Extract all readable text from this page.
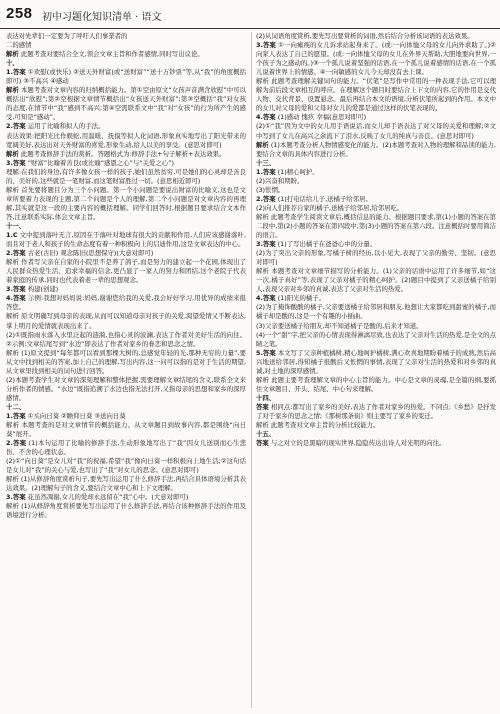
258 初中习题化知识清单 · 语文

表达对先辈们一定要为了呼吁人们事業者的

二的感情

解析 此题考查对要结合全文,领会文章主旨和作者感情,同时写出议论。

十、

1.答案 ①欢慰(或快乐) ②送天外财富(或“送财富”“送十万钞票”等,从“我”的角度概括即可) ③不高兴 ④感动

解析 本题考查对文章内容的归纳概括能力。第①空由原文“女孩声音满含欣慰”中可以概括出“欣慰”;第②空根据文章情节概括出“女孩送天外财富”;第③空概括“我”对女孩的态度,在情节中“我”感到不高兴;第④空需联系文中“我”对“女孩”的行为所产生的感受,可知是“感动”。

2.答案 运用了比喻和拟人的手法。

表达效果:把阳光比作蜈蚣,用温暖、抚摸等拟人化词语,形象真实地写出了阳光带来的宽阔美好,表达出对天外财富的喜爱,形象生动,给人以美的享受。(意思对即可)

解析 此题考查修辞手法的赏析。答题格式为:修辞手法+句子解析+表达效果。

3.答案 “财富”比喻着善良(或比喻“感恩之心”与“关爱之心”)

理解:在我们的身边,有许多像女孩一样的孩子,她们虽然贫穷,可是她们的心灵却是善良的、美好的,这些就是一笔财富,而这笔财富胜过一切。(意思相近即可)

解析 首先要将题目分为三个小问题。第一个小问题是要说出财富的比喻义,这也是文章所要着力表现的主题,第二个问题是个人的理解,第二个小问题是对文章内容的再理解,其实就是这一段的主要内容的概括理解。同学们回答时,根据题目要求结合文本作答,注意联系实际,体会文章主旨。

十一、

1.C 文中提到落叶无言,原因在于落叶对地球有很大的贡献和作用,人们应该感谢落叶,而且对于老人和孩子的生命态度有着一种积极向上的启迪作用,这是文章表达的中心。

2.答案 古老(古旧) 观念陈旧(思想保守)(大意对即可)

解析 作者写父亲在自家的小院里不是养了鸽子,而是努力的建立起一个花园,体现出了人民群众热爱生活、追求幸福的信念,更凸显了一家人的努力和团结,这个老院子代表着家庭的传承,同时也代表着老一辈的思想观念。

3.答案 构建(创建)

4.答案 示例:我想对妈妈说:妈妈,谢谢您给我的关爱,我会好好学习,用优异的成绩来报答您。

解析 原文明确写到母亲的表现,从而可以知道母亲对孩子的关爱,渴望爱情又不断表达,掌上明月的爱情就表现出来了。

(2)①既指雨水落入水里泛起的涟漪,也指心灵的波澜,表达了作者对美好生活的向往。②示例:文章结尾写到“水边”即表达了作者对家乡的眷恋和思念之情。

解析 (1)原文提到“每年都可以看到那棵大树的,总感觉年轻的光,那种无穷的力量”,要从文中找到相关的答案,加上自己的理解,写出内容,这一问可以指的是对于生活的期望,从文章里找到相关的词句进行回答。

(2)本题考查学生对文章的深刻理解和整体把握,需要理解文章结尾的含义,联系全文来分析作者的情感。“水边”既指追溯了水边也指无法打开,又指母亲的思想和家乡的深厚感情。

十二、

1.答案 ①买向日葵 ②瞻仰日葵 ③送向日葵

解析 本题考查的是对文章情节的概括能力。从文章题目到故事内容,都是围绕“向日葵”展开。

2.答案 (1)本句运用了比喻的修辞手法,生动形象地写出了“我”因女儿送别而心生悲伤、不舍的心理状态。

(2)①“向日葵”是女儿对“我”的祝福,希望“我”像向日葵一样积极向上地生活;②这句话是女儿对“我”的关心与爱,也写出了“我”对女儿的思念。(意思对即可)

解析 (1)从修辞角度赏析句子,要先写出运用了什么修辞手法,再结合具体语境分析其表达效果。(2)理解句子的含义,要结合文章中心和上下文理解。

3.答案 花虽然凋谢,女儿的爱却永远留在“我”心中。(大意对即可)

解析 (1)从修辞角度赏析要先写出运用了什么修辞手法,再结合该种修辞手法的作用及语境进行分析。

(2)从词语角度赏析,要先写出要赏析的词语,然后结合分析该词语的表达效果。

3.答案 ①一向瘫痪的女儿诉求站起身来了。(或:一向体恤父母的女儿向外求助了。)②向家人表达了自己的愿望。(或:一向体恤父母的女儿在外界天帮助,大胆地要向世界,一个孩子为之感动的。)③一个孤儿说着坚强的话语,在一个孤儿说着感情的话语,在一个孤儿说着世界上的情感。④一向敏感的女儿今天却没有去上课。

解析 此题考查理解关键词句的能力。“伏笔”是写作中常用的一种表现手法,它可以理解为前后段文章相互的呼应。在理解这个题目时要结合上下文的内容,它的作用是交代人物、交代背景、设置悬念。最后再结合本文的语境,分析伏笔所起到的作用。本文中的女儿对父母的爱和父母对女儿的爱都是通过这样的伏笔表现的。

4.答案 (1)感动 愧疚 幸福(意思对即可)

(2)①“我”因为文中的女儿用手语说话,而女儿却手语表达了对父母的关爱和理解;②文中写到了女儿在高兴之余流下了泪水,反映了女儿的纯真与善良。(意思对即可)

解析 (1)本题考查分析人物情感变化的能力。(2)本题考查对人物的理解和品读的能力,要结合文章的具体内容进行分析。

十三、

1.答案 (1)精心呵护。

(2)兴奋和期盼。

(3)怅惘。

2.答案 (1)打电话给儿子,送橘子给邻居。

(2)向人们推荐自家的橘子,送橘子给邻居,给邻居吃。

解析 此题考查学生阅读文章后,概括信息的能力。根据题目要求,第(1)小题的答案在第二段中,第(2)小题的答案在第四段中,第(3)小题的答案在第六段。注意概括时要用简洁的语言。

3.答案 (1)了写出橘子在爸爸心中的分量。

(2)为了突出父亲的形象,写橘子树的经历,以小见大,表现了父亲的勤劳、坚韧。(意思对即可)

解析 本题考查对文章细节描写的分析能力。(1)父亲的话语中运用了许多细节,如“这一次,橘子真好”等,表现了父亲对橘子的精心呵护。(2)题目中提到了父亲送橘子给别人,表现父亲对乡邻的真诚,表达了父亲对生活的热爱。

4.答案 (1)阳光的橘子。

(2)为了掩饰酸酸的橘子,父亲要送橘子给邻居和朋友,他想让大家都吃到甜蜜的橘子,而橘子却是酸的,这是一个有趣的小插曲。

(3)父亲要送橘子给朋友,却不知道橘子是酸的,后来才知道。

(4)一个“甜”字,把父亲的心情表现得淋漓尽致,也表达了父亲对生活的热爱,是全文的点睛之笔。

5.答案 本文写了父亲种植橘树,精心地呵护橘树,满心欢喜地期盼着橘子的成熟,然后高兴地送给邻居,得知橘子很酸后又怅惘的事情,表现了父亲对生活的热爱和对乡邻的真诚,对土地的深厚感情。

解析 此题主要考查理解文章的中心主旨的能力。中心是文章的灵魂,是全篇的纲,要抓住文章题目、开头、结尾、中心句来理解。

十四、

答案 相同点:都写出了家乡的美好,表达了作者对家乡的热爱。不同点:《乡愁》是抒发了对于家乡的思念之情;《那树那条街》则主要写了家乡的变迁。

解析 此题考查对文章主旨的分析比较能力。

十五、

答案 与之对立的是黑暗的现实世界,隐隐传达出诗人对光明的向往。
